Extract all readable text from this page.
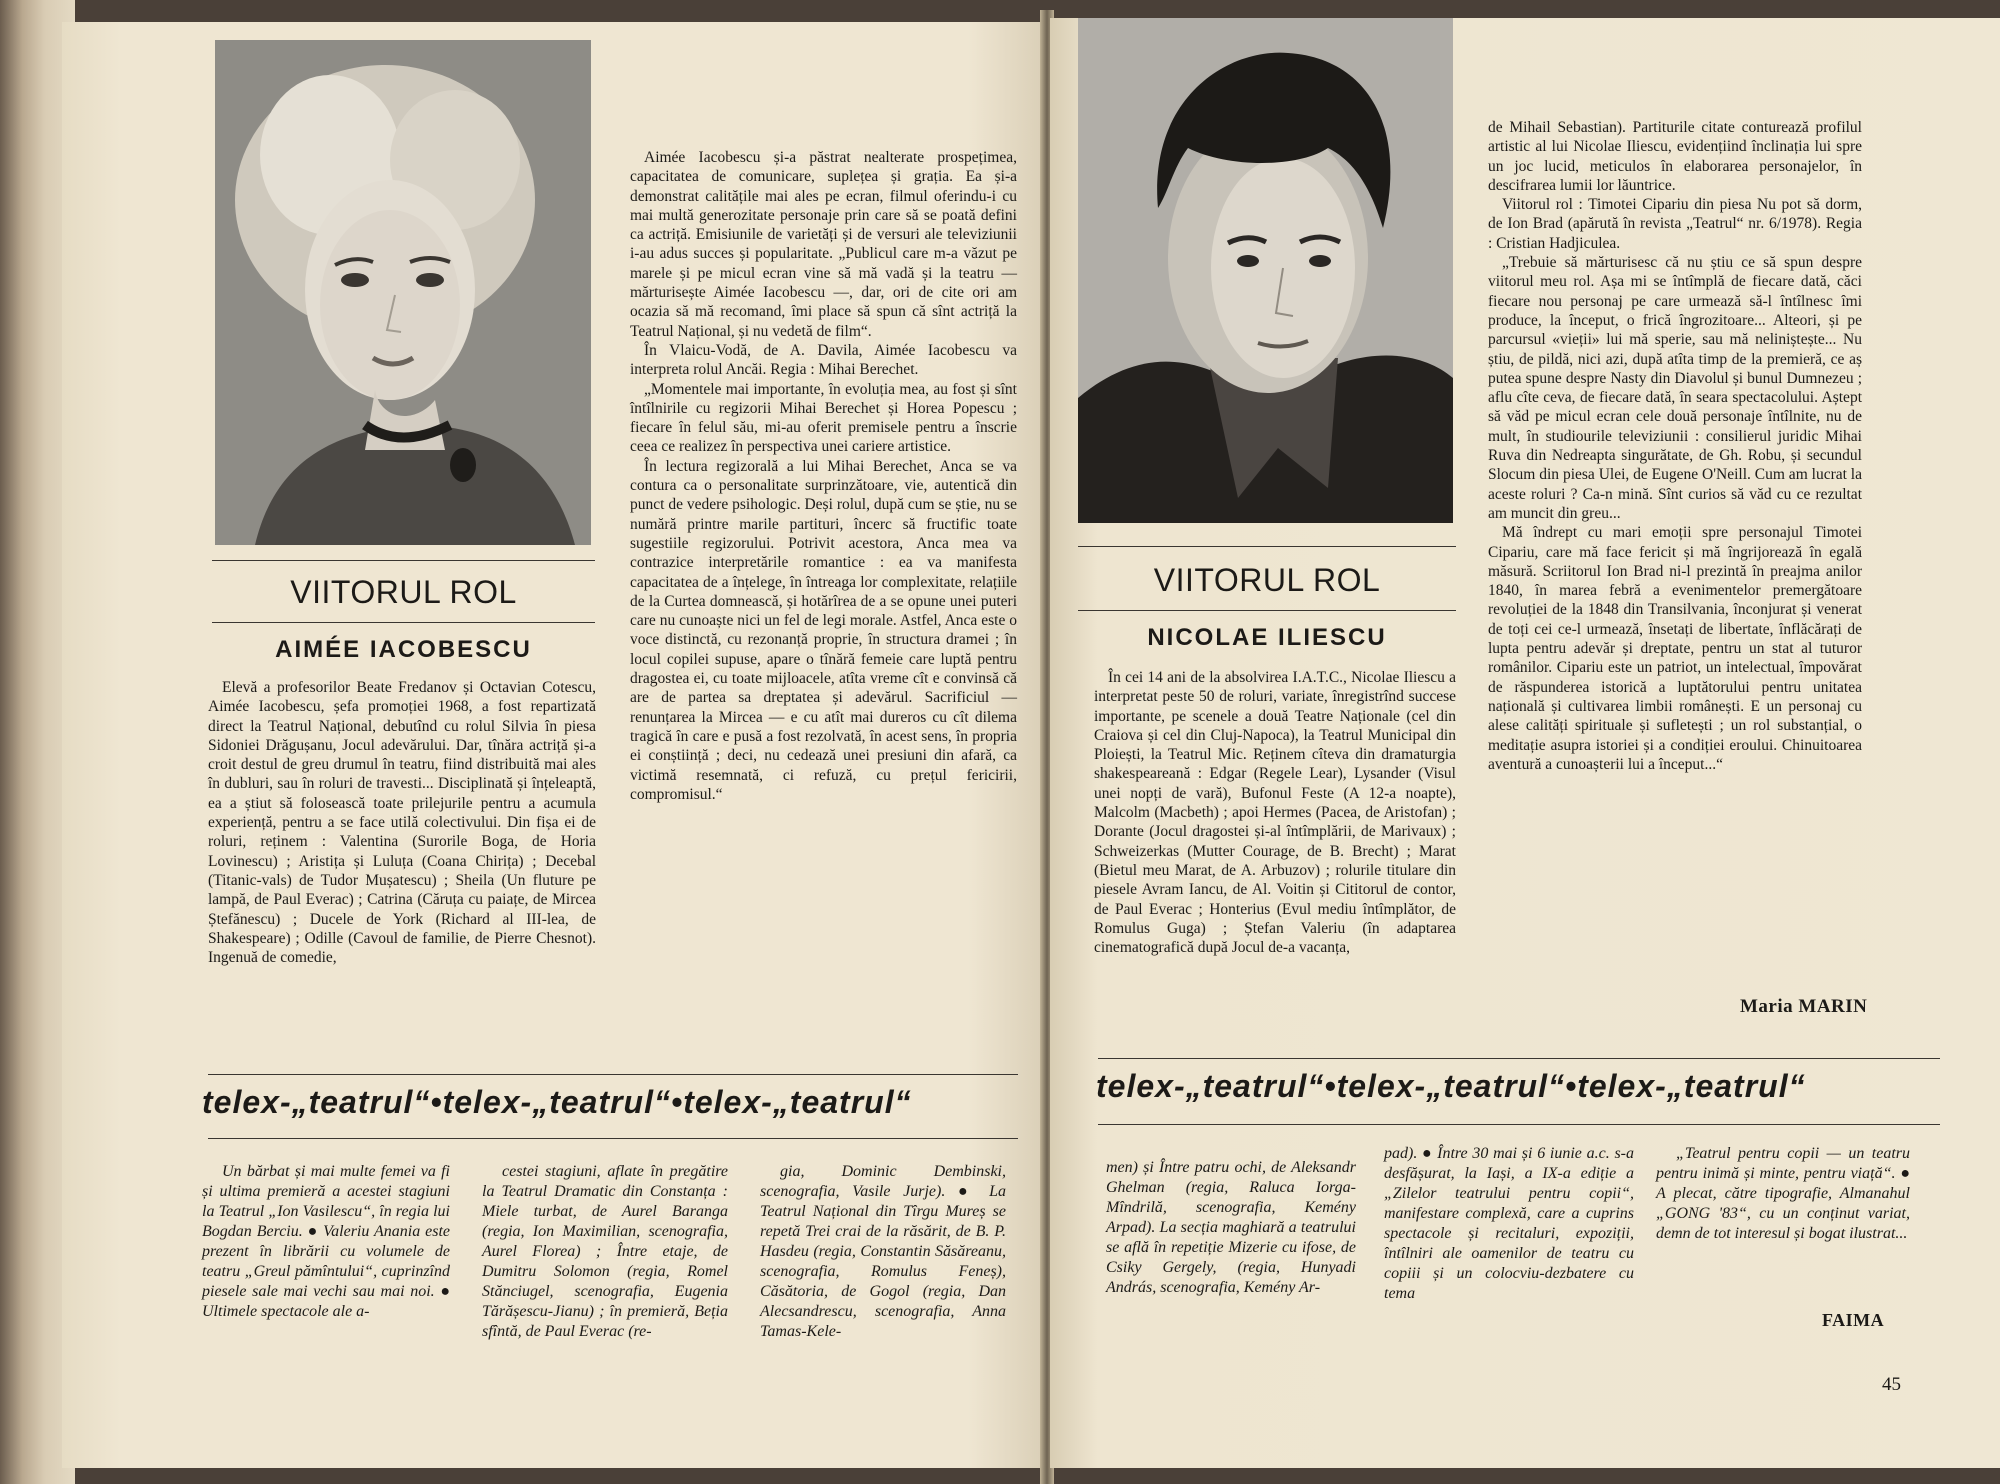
VIITORUL ROL
AIMÉE IACOBESCU

Elevă a profesorilor Beate Fredanov și Octavian Cotescu, Aimée Iacobescu, șefa promoției 1968, a fost repartizată direct la Teatrul Național, debutînd cu rolul Silvia în piesa Sidoniei Drăgușanu, Jocul adevărului. Dar, tînăra actriță și-a croit destul de greu drumul în teatru, fiind distribuită mai ales în dubluri, sau în roluri de travesti... Disciplinată și înțeleaptă, ea a știut să folosească toate prilejurile pentru a acumula experiență, pentru a se face utilă colectivului. Din fișa ei de roluri, reținem : Valentina (Surorile Boga, de Horia Lovinescu) ; Aristița și Luluța (Coana Chirița) ; Decebal (Titanic-vals) de Tudor Mușatescu) ; Sheila (Un fluture pe lampă, de Paul Everac) ; Catrina (Căruța cu paiațe, de Mircea Ștefănescu) ; Ducele de York (Richard al III-lea, de Shakespeare) ; Odille (Cavoul de familie, de Pierre Chesnot). Ingenuă de comedie,

Aimée Iacobescu și-a păstrat nealterate prospețimea, capacitatea de comunicare, suplețea și grația. Ea și-a demonstrat calitățile mai ales pe ecran, filmul oferindu-i cu mai multă generozitate personaje prin care să se poată defini ca actriță. Emisiunile de varietăți și de versuri ale televiziunii i-au adus succes și popularitate. „Publicul care m-a văzut pe marele și pe micul ecran vine să mă vadă și la teatru — mărturisește Aimée Iacobescu —, dar, ori de cite ori am ocazia să mă recomand, îmi place să spun că sînt actriță la Teatrul Național, și nu vedetă de film“.

În Vlaicu-Vodă, de A. Davila, Aimée Iacobescu va interpreta rolul Ancăi. Regia : Mihai Berechet.

„Momentele mai importante, în evoluția mea, au fost și sînt întîlnirile cu regizorii Mihai Berechet și Horea Popescu ; fiecare în felul său, mi-au oferit premisele pentru a înscrie ceea ce realizez în perspectiva unei cariere artistice.

În lectura regizorală a lui Mihai Berechet, Anca se va contura ca o personalitate surprinzătoare, vie, autentică din punct de vedere psihologic. Deși rolul, după cum se știe, nu se numără printre marile partituri, încerc să fructific toate sugestiile regizorului. Potrivit acestora, Anca mea va contrazice interpretările romantice : ea va manifesta capacitatea de a înțelege, în întreaga lor complexitate, relațiile de la Curtea domnească, și hotărîrea de a se opune unei puteri care nu cunoaște nici un fel de legi morale. Astfel, Anca este o voce distinctă, cu rezonanță proprie, în structura dramei ; în locul copilei supuse, apare o tînără femeie care luptă pentru dragostea ei, cu toate mijloacele, atîta vreme cît e convinsă că are de partea sa dreptatea și adevărul. Sacrificiul — renunțarea la Mircea — e cu atît mai dureros cu cît dilema tragică în care e pusă a fost rezolvată, în acest sens, în propria ei conștiință ; deci, nu cedează unei presiuni din afară, ca victimă resemnată, ci refuză, cu prețul fericirii, compromisul.“

telex-„teatrul“•telex-„teatrul“•telex-„teatrul“

Un bărbat și mai multe femei va fi și ultima premieră a acestei stagiuni la Teatrul „Ion Vasilescu“, în regia lui Bogdan Berciu. ● Valeriu Anania este prezent în librării cu volumele de teatru „Greul pămîntului“, cuprinzînd piesele sale mai vechi sau mai noi. ● Ultimele spectacole ale a-

cestei stagiuni, aflate în pregătire la Teatrul Dramatic din Constanța : Miele turbat, de Aurel Baranga (regia, Ion Maximilian, scenografia, Aurel Florea) ; Între etaje, de Dumitru Solomon (regia, Romel Stănciugel, scenografia, Eugenia Tărășescu-Jianu) ; în premieră, Beția sfîntă, de Paul Everac (re-

gia, Dominic Dembinski, scenografia, Vasile Jurje). ● La Teatrul Național din Tîrgu Mureș se repetă Trei crai de la răsărit, de B. P. Hasdeu (regia, Constantin Săsăreanu, scenografia, Romulus Feneș), Căsătoria, de Gogol (regia, Dan Alecsandrescu, scenografia, Anna Tamas-Kele-

VIITORUL ROL
NICOLAE ILIESCU

În cei 14 ani de la absolvirea I.A.T.C., Nicolae Iliescu a interpretat peste 50 de roluri, variate, înregistrînd succese importante, pe scenele a două Teatre Naționale (cel din Craiova și cel din Cluj-Napoca), la Teatrul Municipal din Ploiești, la Teatrul Mic. Reținem cîteva din dramaturgia shakespeareană : Edgar (Regele Lear), Lysander (Visul unei nopți de vară), Bufonul Feste (A 12-a noapte), Malcolm (Macbeth) ; apoi Hermes (Pacea, de Aristofan) ; Dorante (Jocul dragostei și-al întîmplării, de Marivaux) ; Schweizerkas (Mutter Courage, de B. Brecht) ; Marat (Bietul meu Marat, de A. Arbuzov) ; rolurile titulare din piesele Avram Iancu, de Al. Voitin și Cititorul de contor, de Paul Everac ; Honterius (Evul mediu întîmplător, de Romulus Guga) ; Ștefan Valeriu (în adaptarea cinematografică după Jocul de-a vacanța,

de Mihail Sebastian). Partiturile citate conturează profilul artistic al lui Nicolae Iliescu, evidențiind înclinația lui spre un joc lucid, meticulos în elaborarea personajelor, în descifrarea lumii lor lăuntrice.

Viitorul rol : Timotei Cipariu din piesa Nu pot să dorm, de Ion Brad (apărută în revista „Teatrul“ nr. 6/1978). Regia : Cristian Hadjiculea.

„Trebuie să mărturisesc că nu știu ce să spun despre viitorul meu rol. Așa mi se întîmplă de fiecare dată, căci fiecare nou personaj pe care urmează să-l întîlnesc îmi produce, la început, o frică îngrozitoare... Alteori, și pe parcursul «vieții» lui mă sperie, sau mă neliniștește... Nu știu, de pildă, nici azi, după atîta timp de la premieră, ce aș putea spune despre Nasty din Diavolul și bunul Dumnezeu ; aflu cîte ceva, de fiecare dată, în seara spectacolului. Aștept să văd pe micul ecran cele două personaje întîlnite, nu de mult, în studiourile televiziunii : consilierul juridic Mihai Ruva din Nedreapta singurătate, de Gh. Robu, și secundul Slocum din piesa Ulei, de Eugene O'Neill. Cum am lucrat la aceste roluri ? Ca-n mină. Sînt curios să văd cu ce rezultat am muncit din greu...

Mă îndrept cu mari emoții spre personajul Timotei Cipariu, care mă face fericit și mă îngrijorează în egală măsură. Scriitorul Ion Brad ni-l prezintă în preajma anilor 1840, în marea febră a evenimentelor premergătoare revoluției de la 1848 din Transilvania, înconjurat și venerat de toți cei ce-l urmează, însetați de libertate, înflăcărați de lupta pentru adevăr și dreptate, pentru un stat al tuturor românilor. Cipariu este un patriot, un intelectual, împovărat de răspunderea istorică a luptătorului pentru unitatea națională și cultivarea limbii românești. E un personaj cu alese calități spirituale și sufletești ; un rol substanțial, o meditație asupra istoriei și a condiției eroului. Chinuitoarea aventură a cunoașterii lui a început...“

Maria MARIN
telex-„teatrul“•telex-„teatrul“•telex-„teatrul“

men) și Între patru ochi, de Aleksandr Ghelman (regia, Raluca Iorga-Mîndrilă, scenografia, Kemény Arpad). La secția maghiară a teatrului se află în repetiție Mizerie cu ifose, de Csiky Gergely, (regia, Hunyadi András, scenografia, Kemény Ar-

pad). ● Între 30 mai și 6 iunie a.c. s-a desfășurat, la Iași, a IX-a ediție a „Zilelor teatrului pentru copii“, manifestare complexă, care a cuprins spectacole și recitaluri, expoziții, întîlniri ale oamenilor de teatru cu copiii și un colocviu-dezbatere cu tema

„Teatrul pentru copii — un teatru pentru inimă și minte, pentru viață“. ● A plecat, către tipografie, Almanahul „GONG '83“, cu un conținut variat, demn de tot interesul și bogat ilustrat...

FAIMA
45
